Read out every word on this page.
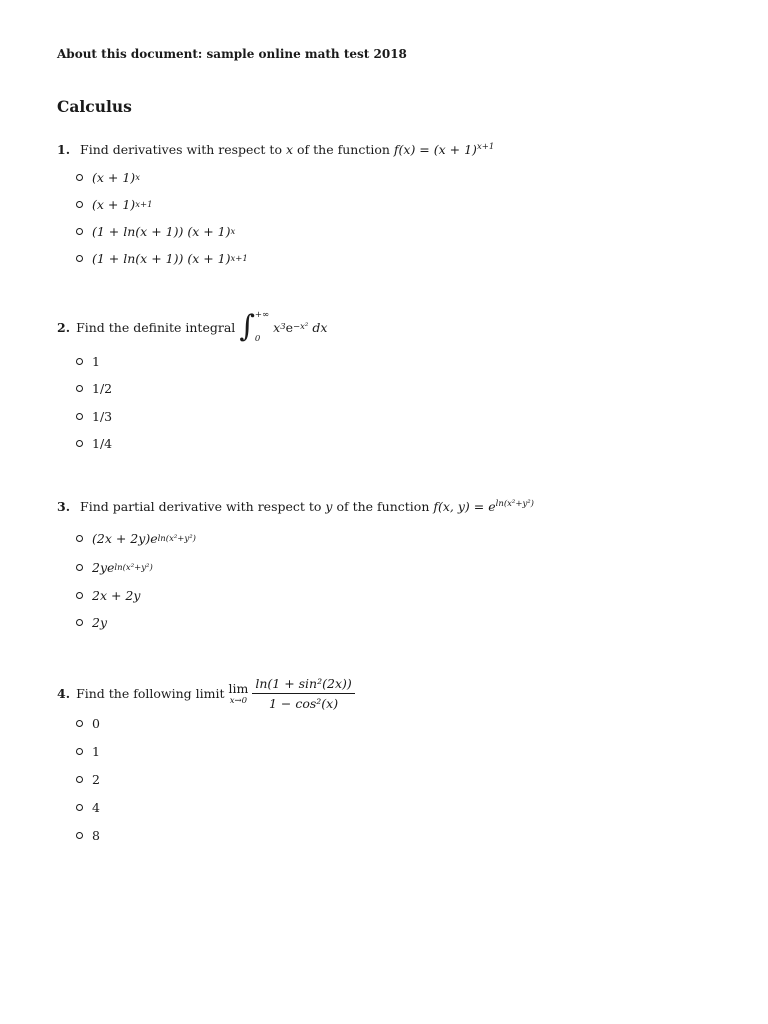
About this document: sample online math test 2018
Calculus
1. Find derivatives with respect to x of the function $f(x) = (x + 1)^{x+1}$
(x + 1) x
(x + 1) x+1
(1 + ln(x + 1)) (x + 1) x
(1 + ln(x + 1)) (x + 1) x+1
2. Find the definite integral ∫ +∞
0
x 3 e −x² dx
1
1/2
1/3
1/4
3. Find partial derivative with respect to y of the function f(x, $y) = e^{ln(x^2+y^2)}$
(2x + 2y)e ln(x²+y²)
2ye ln(x²+y²)
2x + 2y
2y
4. Find the following limit lim
$x\to 0 \frac{\text{ln(1 + sin²(2x))}}{\text{1 − cos²(x)}}$
0
1
2
4
8
